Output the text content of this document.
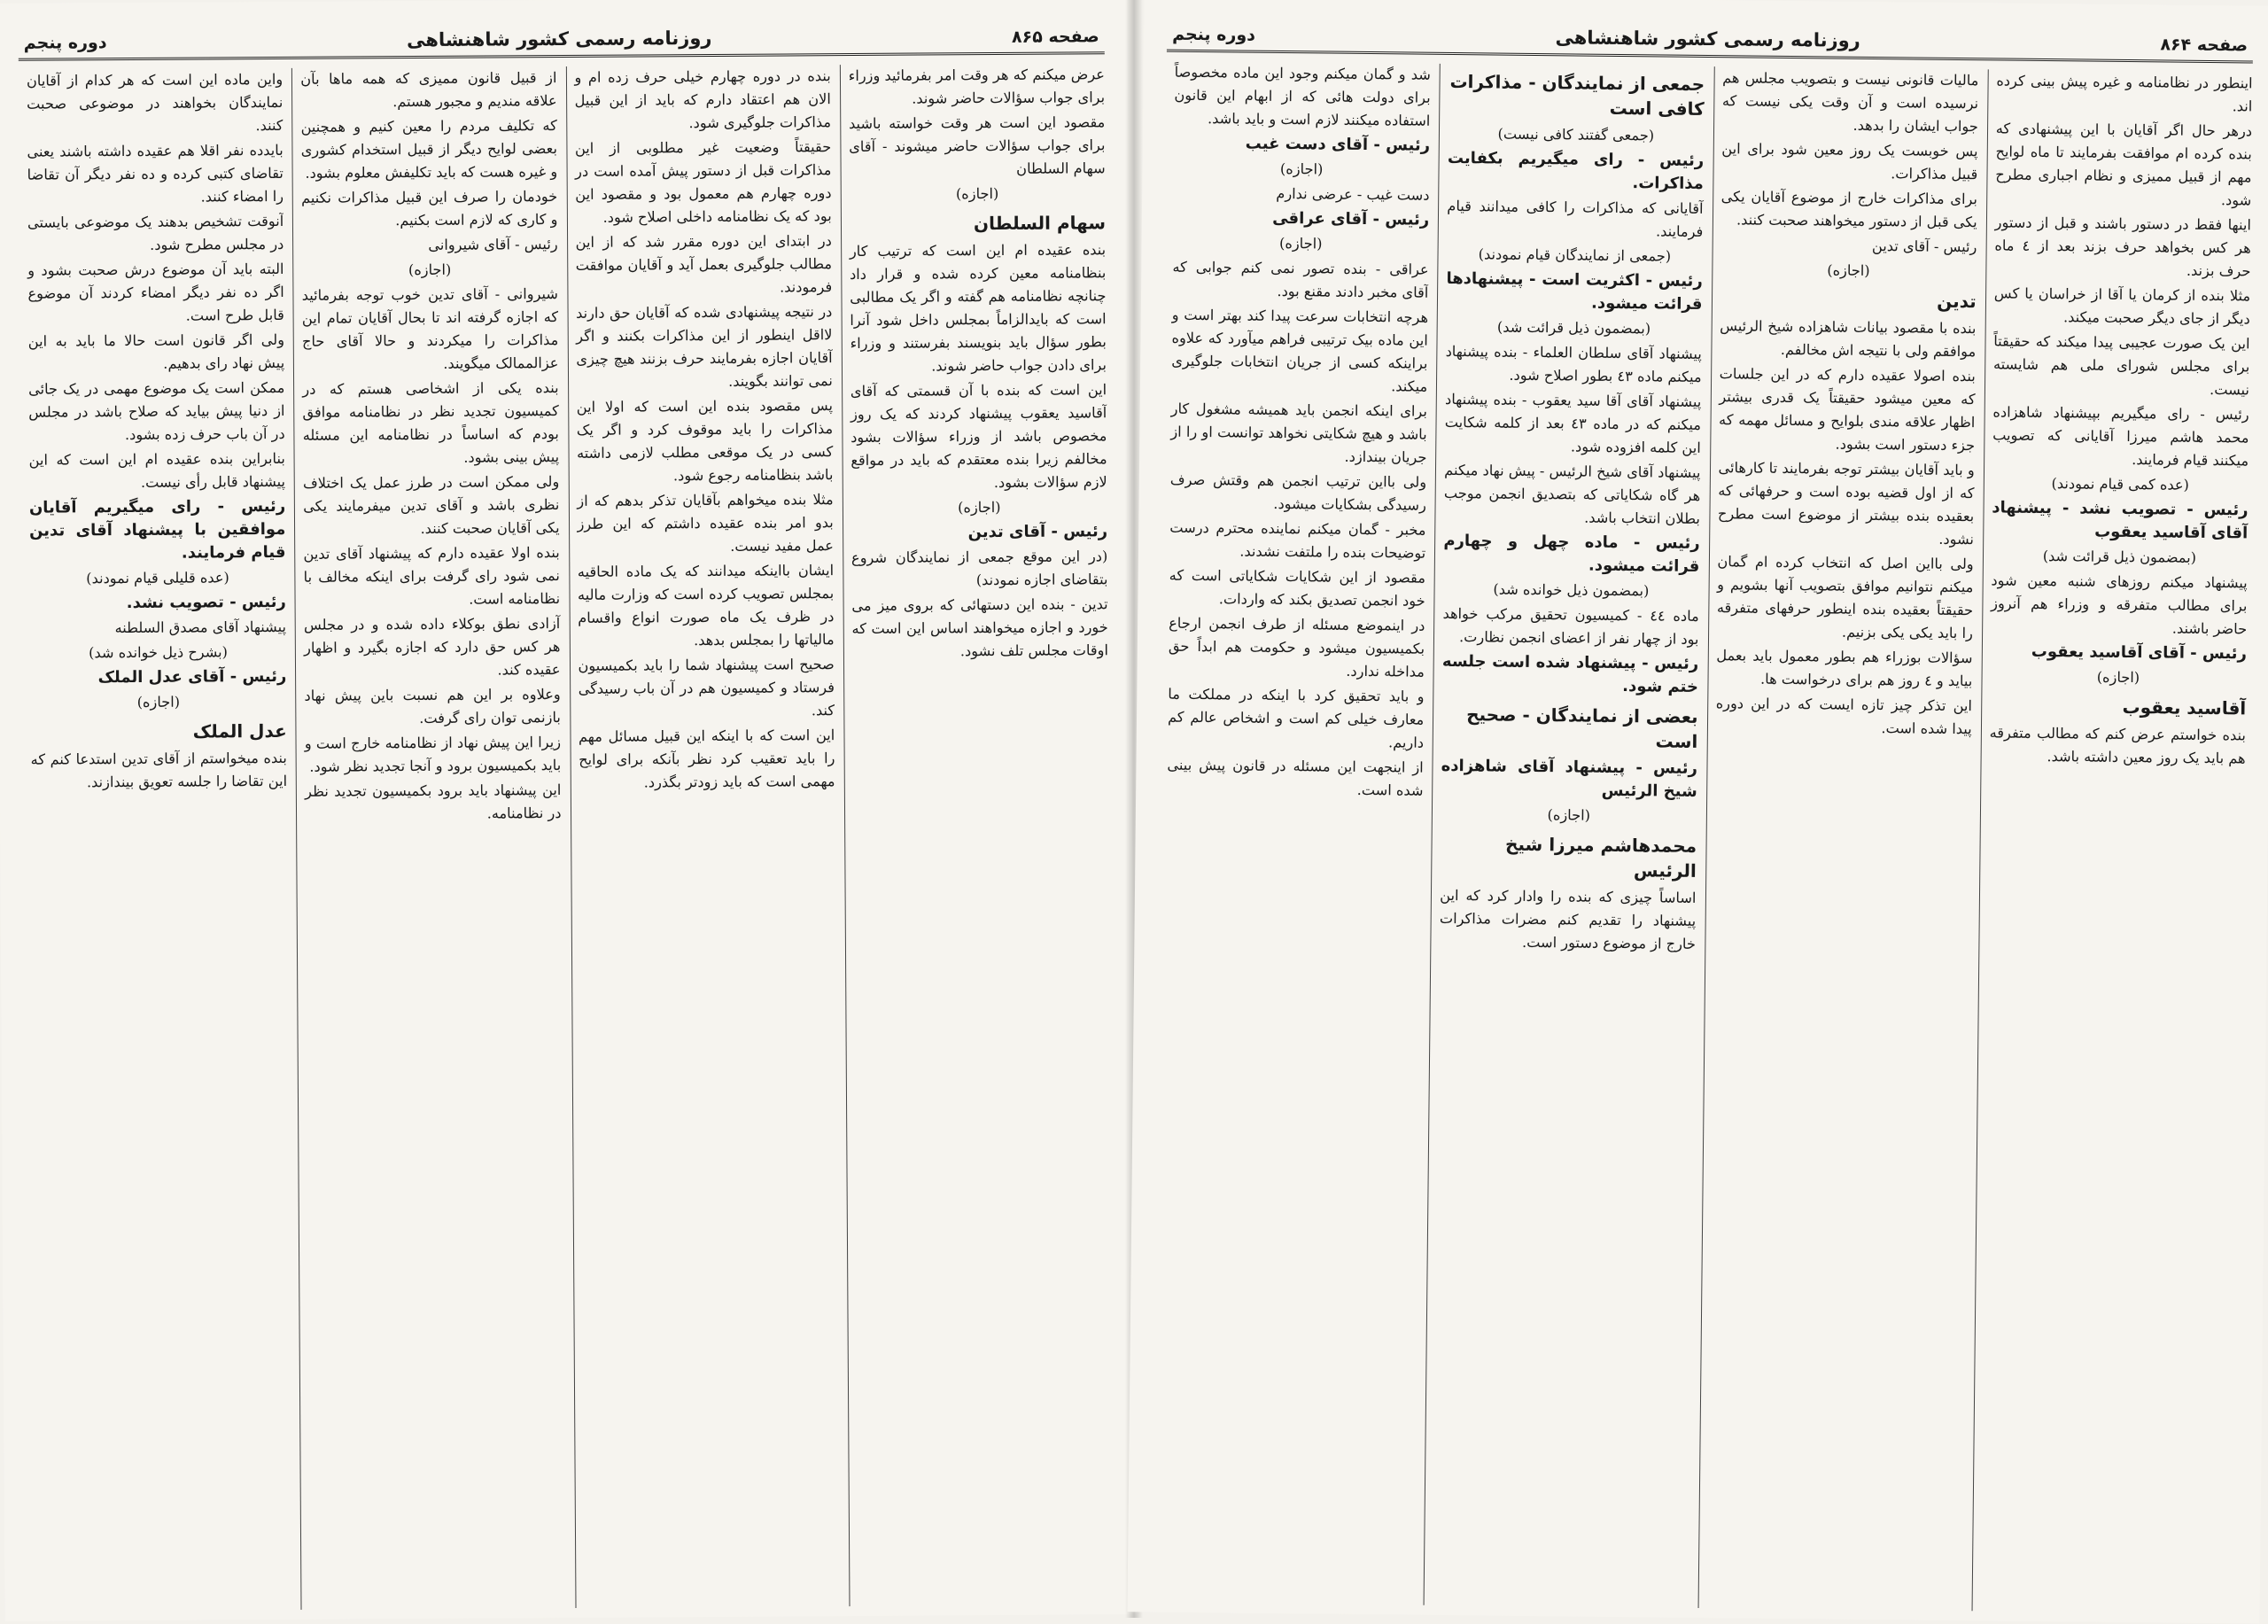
صفحه ۸۶۵
روزنامه رسمی کشور شاهنشاهی
دوره پنجم

عرض میکنم که هر وقت امر بفرمائید وزراء برای جواب سؤالات حاضر شوند.

مقصود این است هر وقت خواسته باشید برای جواب سؤالات حاضر میشوند - آقای سهام السلطان

(اجازه)

سهام السلطان

بنده عقیده ام این است که ترتیب کار بنظامنامه معین کرده شده و قرار داد چنانچه نظامنامه هم گفته و اگر یک مطالبی است که بایدالزاماً بمجلس داخل شود آنرا بطور سؤال باید بنویسند بفرستند و وزراء برای دادن جواب حاضر شوند.

این است که بنده با آن قسمتی که آقای آقاسید یعقوب پیشنهاد کردند که یک روز مخصوص باشد از وزراء سؤالات بشود مخالفم زیرا بنده معتقدم که باید در مواقع لازم سؤالات بشود.

(اجازه)

رئیس - آقای تدین

(در این موقع جمعی از نمایندگان شروع بتقاضای اجازه نمودند)

تدین - بنده این دستهائی که بروی میز می خورد و اجازه میخواهند اساس این است که اوقات مجلس تلف نشود.

بنده در دوره چهارم خیلی حرف زده ام و الان هم اعتقاد دارم که باید از این قبیل مذاکرات جلوگیری شود.

حقیقتاً وضعیت غیر مطلوبی از این مذاکرات قبل از دستور پیش آمده است در دوره چهارم هم معمول بود و مقصود این بود که یک نظامنامه داخلی اصلاح شود.

در ابتدای این دوره مقرر شد که از این مطالب جلوگیری بعمل آید و آقایان موافقت فرمودند.

در نتیجه پیشنهادی شده که آقایان حق دارند لااقل اینطور از این مذاکرات بکنند و اگر آقایان اجازه بفرمایند حرف بزنند هیچ چیزی نمی توانند بگویند.

پس مقصود بنده این است که اولا این مذاکرات را باید موقوف کرد و اگر یک کسی در یک موقعی مطلب لازمی داشته باشد بنظامنامه رجوع شود.

مثلا بنده میخواهم بآقایان تذکر بدهم که از بدو امر بنده عقیده داشتم که این طرز عمل مفید نیست.

ایشان بااینکه میدانند که یک ماده الحاقیه بمجلس تصویب کرده است که وزارت مالیه در ظرف یک ماه صورت انواع واقسام مالیاتها را بمجلس بدهد.

صحیح است پیشنهاد شما را باید بکمیسیون فرستاد و کمیسیون هم در آن باب رسیدگی کند.

این است که با اینکه این قبیل مسائل مهم را باید تعقیب کرد نظر بآنکه برای لوایح مهمی است که باید زودتر بگذرد.

از قبیل قانون ممیزی که همه ماها بآن علاقه مندیم و مجبور هستم.

که تکلیف مردم را معین کنیم و همچنین بعضی لوایح دیگر از قبیل استخدام کشوری و غیره هست که باید تکلیفش معلوم بشود.

خودمان را صرف این قبیل مذاکرات نکنیم و کاری که لازم است بکنیم.

رئیس - آقای شیروانی

(اجازه)

شیروانی - آقای تدین خوب توجه بفرمائید که اجازه گرفته اند تا بحال آقایان تمام این مذاکرات را میکردند و حالا آقای حاج عزالممالک میگویند.

بنده یکی از اشخاصی هستم که در کمیسیون تجدید نظر در نظامنامه موافق بودم که اساساً در نظامنامه این مسئله پیش بینی بشود.

ولی ممکن است در طرز عمل یک اختلاف نظری باشد و آقای تدین میفرمایند یکی یکی آقایان صحبت کنند.

بنده اولا عقیده دارم که پیشنهاد آقای تدین نمی شود رای گرفت برای اینکه مخالف با نظامنامه است.

آزادی نطق بوکلاء داده شده و در مجلس هر کس حق دارد که اجازه بگیرد و اظهار عقیده کند.

وعلاوه بر این هم نسبت باین پیش نهاد بازنمی توان رای گرفت.

زیرا این پیش نهاد از نظامنامه خارج است و باید بکمیسیون برود و آنجا تجدید نظر شود.

این پیشنهاد باید برود بکمیسیون تجدید نظر در نظامنامه.

واین ماده این است که هر کدام از آقایان نمایندگان بخواهند در موضوعی صحبت کنند.

بایدده نفر اقلا هم عقیده داشته باشند یعنی تقاضای کتبی کرده و ده نفر دیگر آن تقاضا را امضاء کنند.

آنوقت تشخیص بدهند یک موضوعی بایستی در مجلس مطرح شود.

البته باید آن موضوع درش صحبت بشود و اگر ده نفر دیگر امضاء کردند آن موضوع قابل طرح است.

ولی اگر قانون است حالا ما باید به این پیش نهاد رای بدهیم.

ممکن است یک موضوع مهمی در یک جائی از دنیا پیش بیاید که صلاح باشد در مجلس در آن باب حرف زده بشود.

بنابراین بنده عقیده ام این است که این پیشنهاد قابل رأی نیست.

رئیس - رای میگیریم آقایان موافقین با پیشنهاد آقای تدین قیام فرمایند.

(عده قلیلی قیام نمودند)

رئیس - تصویب نشد.

پیشنهاد آقای مصدق السلطنه

(بشرح ذیل خوانده شد)

رئیس - آقای عدل الملک

(اجازه)

عدل الملک

بنده میخواستم از آقای تدین استدعا کنم که این تقاضا را جلسه تعویق بیندازند.

صفحه ۸۶۴
روزنامه رسمی کشور شاهنشاهی
دوره پنجم

اینطور در نظامنامه و غیره پیش بینی کرده اند.

درهر حال اگر آقایان با این پیشنهادی که بنده کرده ام موافقت بفرمایند تا ماه لوایح مهم از قبیل ممیزی و نظام اجباری مطرح شود.

اینها فقط در دستور باشند و قبل از دستور هر کس بخواهد حرف بزند بعد از ٤ ماه حرف بزند.

مثلا بنده از کرمان یا آقا از خراسان یا کس دیگر از جای دیگر صحبت میکند.

این یک صورت عجیبی پیدا میکند که حقیقتاً برای مجلس شورای ملی هم شایسته نیست.

رئیس - رای میگیریم بپیشنهاد شاهزاده محمد هاشم میرزا آقایانی که تصویب میکنند قیام فرمایند.

(عده کمی قیام نمودند)

رئیس - تصویب نشد - پیشنهاد آقای آقاسید یعقوب

(بمضمون ذیل قرائت شد)

پیشنهاد میکنم روزهای شنبه معین شود برای مطالب متفرقه و وزراء هم آنروز حاضر باشند.

رئیس - آقای آقاسید یعقوب

(اجازه)

آقاسید یعقوب

بنده خواستم عرض کنم که مطالب متفرقه هم باید یک روز معین داشته باشد.

مالیات قانونی نیست و بتصویب مجلس هم نرسیده است و آن وقت یکی نیست که جواب ایشان را بدهد.

پس خوبست یک روز معین شود برای این قبیل مذاکرات.

برای مذاکرات خارج از موضوع آقایان یکی یکی قبل از دستور میخواهند صحبت کنند.

رئیس - آقای تدین

(اجازه)

تدین

بنده با مقصود بیانات شاهزاده شیخ الرئیس موافقم ولی با نتیجه اش مخالفم.

بنده اصولا عقیده دارم که در این جلسات که معین میشود حقیقتاً یک قدری بیشتر اظهار علاقه مندی بلوایح و مسائل مهمه که جزء دستور است بشود.

و باید آقایان بیشتر توجه بفرمایند تا کارهائی که از اول قضیه بوده است و حرفهائی که بعقیده بنده بیشتر از موضوع است مطرح نشود.

ولی بااین اصل که انتخاب کرده ام گمان میکنم نتوانیم موافق بتصویب آنها بشویم و حقیقتاً بعقیده بنده اینطور حرفهای متفرقه را باید یکی یکی بزنیم.

سؤالات بوزراء هم بطور معمول باید بعمل بیاید و ٤ روز هم برای درخواست ها.

این تذکر چیز تازه ایست که در این دوره پیدا شده است.

جمعی از نمایندگان - مذاکرات کافی است

(جمعی گفتند کافی نیست)

رئیس - رای میگیریم بکفایت مذاکرات.

آقایانی که مذاکرات را کافی میدانند قیام فرمایند.

(جمعی از نمایندگان قیام نمودند)

رئیس - اکثریت است - پیشنهادها قرائت میشود.

(بمضمون ذیل قرائت شد)

پیشنهاد آقای سلطان العلماء - بنده پیشنهاد میکنم ماده ٤۳ بطور اصلاح شود.

پیشنهاد آقای آقا سید یعقوب - بنده پیشنهاد میکنم که در ماده ٤۳ بعد از کلمه شکایت این کلمه افزوده شود.

پیشنهاد آقای شیخ الرئیس - پیش نهاد میکنم هر گاه شکایاتی که بتصدیق انجمن موجب بطلان انتخاب باشد.

رئیس - ماده چهل و چهارم قرائت میشود.

(بمضمون ذیل خوانده شد)

ماده ٤٤ - کمیسیون تحقیق مرکب خواهد بود از چهار نفر از اعضای انجمن نظارت.

رئیس - پیشنهاد شده است جلسه ختم شود.

بعضی از نمایندگان - صحیح است

رئیس - پیشنهاد آقای شاهزاده شیخ الرئیس

(اجازه)

محمدهاشم میرزا شیخ الرئیس

اساساً چیزی که بنده را وادار کرد که این پیشنهاد را تقدیم کنم مضرات مذاکرات خارج از موضوع دستور است.

شد و گمان میکنم وجود این ماده مخصوصاً برای دولت هائی که از ابهام این قانون استفاده میکنند لازم است و باید باشد.

رئیس - آقای دست غیب

(اجازه)

دست غیب - عرضی ندارم

رئیس - آقای عراقی

(اجازه)

عراقی - بنده تصور نمی کنم جوابی که آقای مخبر دادند مقنع بود.

هرچه انتخابات سرعت پیدا کند بهتر است و این ماده بیک ترتیبی فراهم میآورد که علاوه براینکه کسی از جریان انتخابات جلوگیری میکند.

برای اینکه انجمن باید همیشه مشغول کار باشد و هیچ شکایتی نخواهد توانست او را از جریان بیندازد.

ولی بااین ترتیب انجمن هم وقتش صرف رسیدگی بشکایات میشود.

مخبر - گمان میکنم نماینده محترم درست توضیحات بنده را ملتفت نشدند.

مقصود از این شکایات شکایاتی است که خود انجمن تصدیق بکند که واردات.

در اینموضع مسئله از طرف انجمن ارجاع بکمیسیون میشود و حکومت هم ابداً حق مداخله ندارد.

و باید تحقیق کرد با اینکه در مملکت ما معارف خیلی کم است و اشخاص عالم کم داریم.

از اینجهت این مسئله در قانون پیش بینی شده است.
